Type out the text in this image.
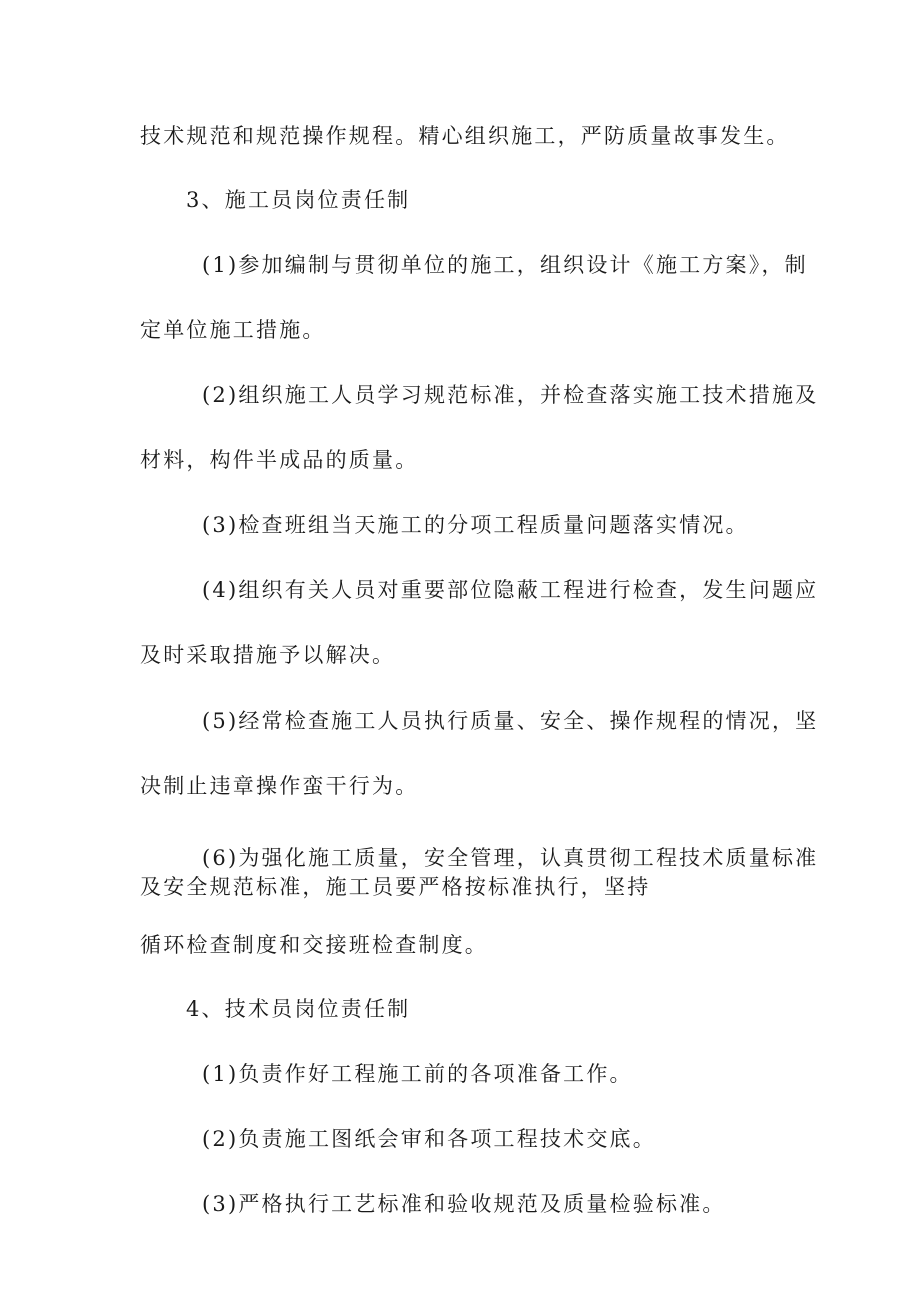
技术规范和规范操作规程。精心组织施工，严防质量故事发生。
3、施工员岗位责任制
(1)参加编制与贯彻单位的施工，组织设计《施工方案》，制
定单位施工措施。
(2)组织施工人员学习规范标准，并检查落实施工技术措施及
材料，构件半成品的质量。
(3)检查班组当天施工的分项工程质量问题落实情况。
(4)组织有关人员对重要部位隐蔽工程进行检查，发生问题应
及时采取措施予以解决。
(5)经常检查施工人员执行质量、安全、操作规程的情况，坚
决制止违章操作蛮干行为。
(6)为强化施工质量，安全管理，认真贯彻工程技术质量标准
及安全规范标准，施工员要严格按标准执行，坚持
循环检查制度和交接班检查制度。
4、技术员岗位责任制
(1)负责作好工程施工前的各项准备工作。
(2)负责施工图纸会审和各项工程技术交底。
(3)严格执行工艺标准和验收规范及质量检验标准。
